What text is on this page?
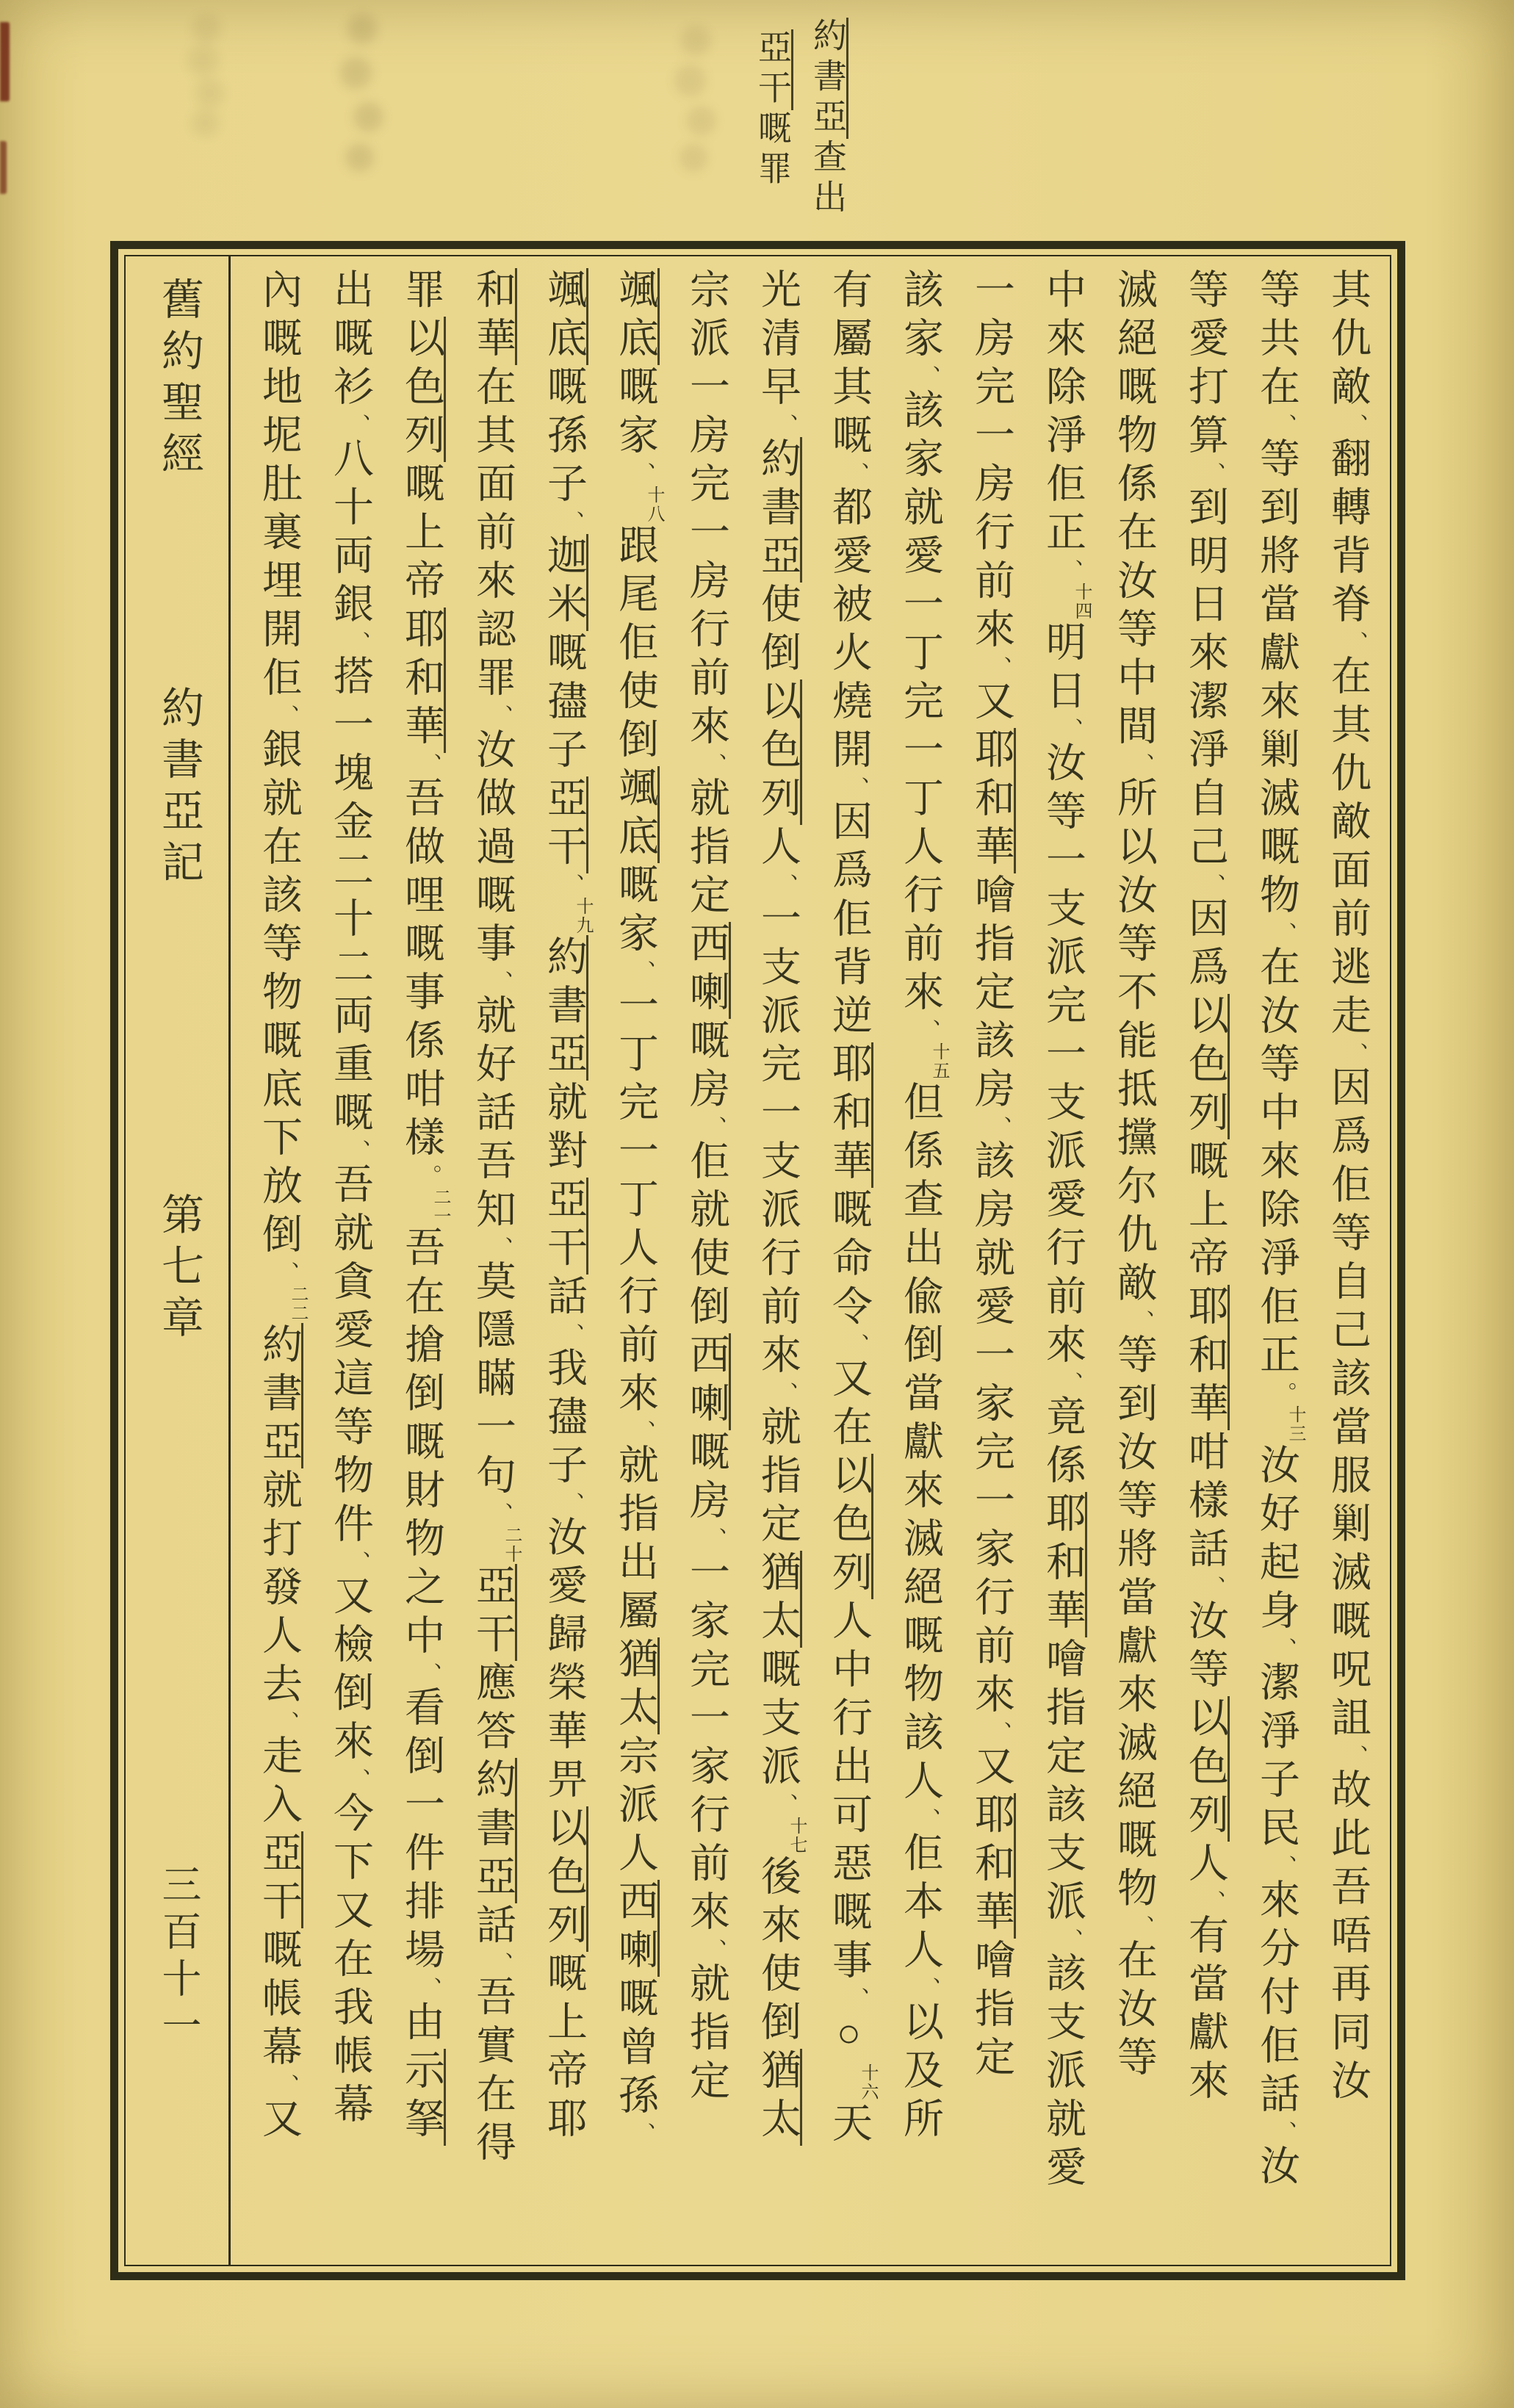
約書亞查出
亞干嘅罪
舊約聖經
約書亞記
第七章
三百十一
其仇敵、翻轉背脊、在其仇敵面前逃走、因爲佢等自己該當服剿滅嘅呪詛、故此吾唔再同汝
等共在、等到將當獻來剿滅嘅物、在汝等中來除淨佢正。十三汝好起身、潔淨子民、來分付佢話、汝
等愛打算、到明日來潔淨自己、因爲以色列嘅上帝耶和華咁樣話、汝等以色列人、有當獻來
滅絕嘅物係在汝等中間、所以汝等不能抵攩尔仇敵、等到汝等將當獻來滅絕嘅物、在汝等
中來除淨佢正、十四明日、汝等一支派完一支派愛行前來、竟係耶和華噲指定該支派、該支派就愛
一房完一房行前來、又耶和華噲指定該房、該房就愛一家完一家行前來、又耶和華噲指定
該家、該家就愛一丁完一丁人行前來、十五但係查出偸倒當獻來滅絕嘅物該人、佢本人、以及所
有屬其嘅、都愛被火燒開、因爲佢背逆耶和華嘅命令、又在以色列人中行出可惡嘅事、○十六天
光清早、約書亞使倒以色列人、一支派完一支派行前來、就指定猶太嘅支派、十七後來使倒猶太
宗派一房完一房行前來、就指定西喇嘅房、佢就使倒西喇嘅房、一家完一家行前來、就指定
颯底嘅家、十八跟尾佢使倒颯底嘅家、一丁完一丁人行前來、就指出屬猶太宗派人西喇嘅曾孫、
颯底嘅孫子、迦米嘅孻子亞干、十九約書亞就對亞干話、我孻子、汝愛歸榮華畀以色列嘅上帝耶
和華在其面前來認罪、汝做過嘅事、就好話吾知、莫隱瞞一句、二十亞干應答約書亞話、吾實在得
罪以色列嘅上帝耶和華、吾做哩嘅事係咁樣。二一吾在搶倒嘅財物之中、看倒一件排場、由示拏
出嘅衫、八十両銀、搭一塊金二十二両重嘅、吾就貪愛這等物件、又檢倒來、今下又在我帳幕
內嘅地坭肚裏埋開佢、銀就在該等物嘅底下放倒、二二約書亞就打發人去、走入亞干嘅帳幕、又
